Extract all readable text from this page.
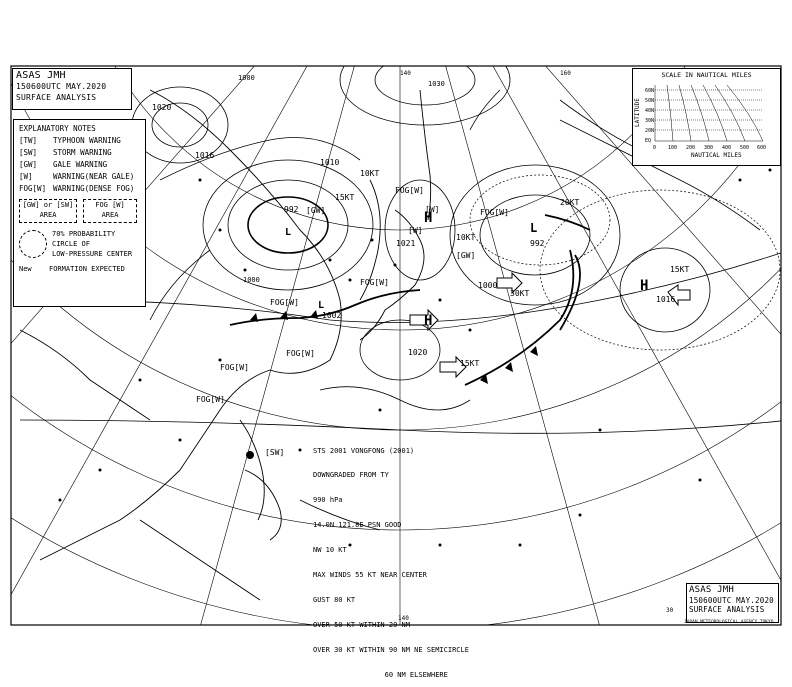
L
992
L
1002
H
1021
H
1020
L
992
H
1016
15KT
1000
30KT
10KT
15KT
15KT
10KT
20KT
1010
1016
1020
1000
1030
1000
FOG[W]
FOG[W]
FOG[W]
FOG[W]
FOG[W]
FOG[W]
FOG[W]
[GW]
[GW]
[SW]
[W]
[W]
140	160
140
30
ASAS JMH
150600UTC MAY.2020
SURFACE ANALYSIS
EXPLANATORY NOTES
[TW]	TYPHOON WARNING
[SW]	STORM WARNING
[GW]	GALE WARNING
[W]	WARNING(NEAR GALE)
FOG[W] WARNING(DENSE FOG)
[GW] or [SW]
AREA
FOG [W]
AREA
70% PROBABILITY
CIRCLE OF
LOW-PRESSURE CENTER
New	FORMATION EXPECTED
SCALE IN NAUTICAL MILES
LATITUDE
60N
50N
40N
30N
20N
EQ
0 100 200 300 400 500 600
NAUTICAL MILES

STS 2001 VONGFONG (2001)

DOWNGRADED FROM TY

990 hPa

14.0N 121.8E PSN GOOD

NW 10 KT

MAX WINDS 55 KT NEAR CENTER

GUST 80 KT

OVER 50 KT WITHIN 20 NM

OVER 30 KT WITHIN 90 NM NE SEMICIRCLE

60 NM ELSEWHERE

ASAS JMH
150600UTC MAY.2020
SURFACE ANALYSIS
JAPAN METEOROLOGICAL AGENCY TOKYO
